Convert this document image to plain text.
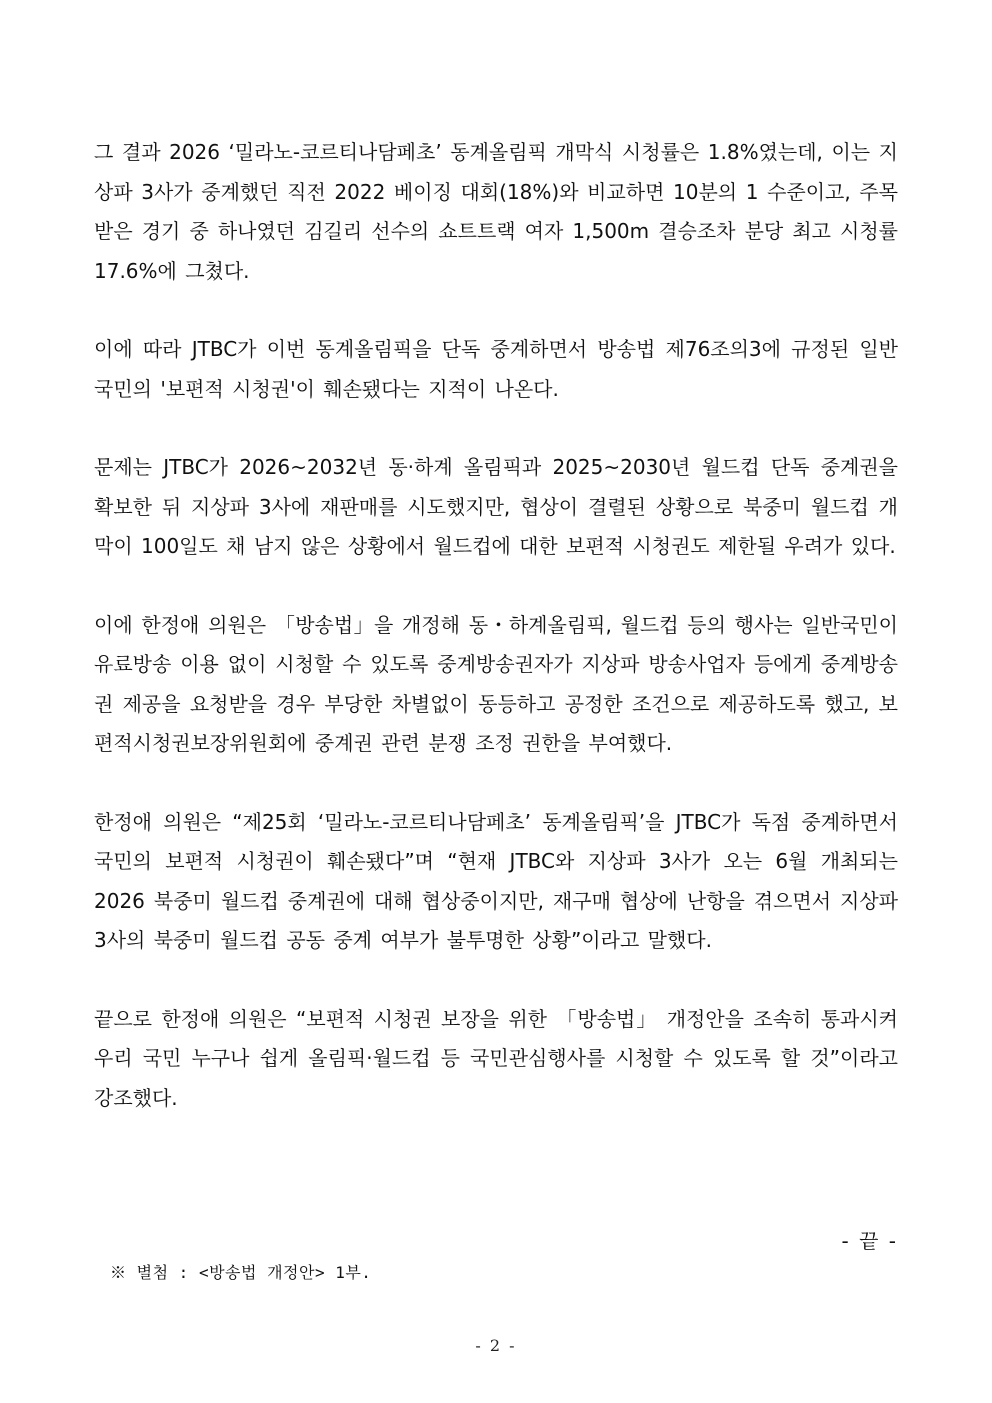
그 결과 2026 ‘밀라노-코르티나담페초’ 동계올림픽 개막식 시청률은 1.8%였는데, 이는 지상파 3사가 중계했던 직전 2022 베이징 대회(18%)와 비교하면 10분의 1 수준이고, 주목받은 경기 중 하나였던 김길리 선수의 쇼트트랙 여자 1,500m 결승조차 분당 최고 시청률 17.6%에 그쳤다.

이에 따라 JTBC가 이번 동계올림픽을 단독 중계하면서 방송법 제76조의3에 규정된 일반국민의 '보편적 시청권'이 훼손됐다는 지적이 나온다.

문제는 JTBC가 2026~2032년 동·하계 올림픽과 2025~2030년 월드컵 단독 중계권을 확보한 뒤 지상파 3사에 재판매를 시도했지만, 협상이 결렬된 상황으로 북중미 월드컵 개막이 100일도 채 남지 않은 상황에서 월드컵에 대한 보편적 시청권도 제한될 우려가 있다.

이에 한정애 의원은 「방송법」을 개정해 동・하계올림픽, 월드컵 등의 행사는 일반국민이 유료방송 이용 없이 시청할 수 있도록 중계방송권자가 지상파 방송사업자 등에게 중계방송권 제공을 요청받을 경우 부당한 차별없이 동등하고 공정한 조건으로 제공하도록 했고, 보편적시청권보장위원회에 중계권 관련 분쟁 조정 권한을 부여했다.

한정애 의원은 “제25회 ‘밀라노-코르티나담페초’ 동계올림픽’을 JTBC가 독점 중계하면서 국민의 보편적 시청권이 훼손됐다”며 “현재 JTBC와 지상파 3사가 오는 6월 개최되는 2026 북중미 월드컵 중계권에 대해 협상중이지만, 재구매 협상에 난항을 겪으면서 지상파 3사의 북중미 월드컵 공동 중계 여부가 불투명한 상황”이라고 말했다.

끝으로 한정애 의원은 “보편적 시청권 보장을 위한 「방송법」 개정안을 조속히 통과시켜 우리 국민 누구나 쉽게 올림픽·월드컵 등 국민관심행사를 시청할 수 있도록 할 것”이라고 강조했다.

- 끝 -
※ 별첨 : <방송법 개정안> 1부.
- 2 -
